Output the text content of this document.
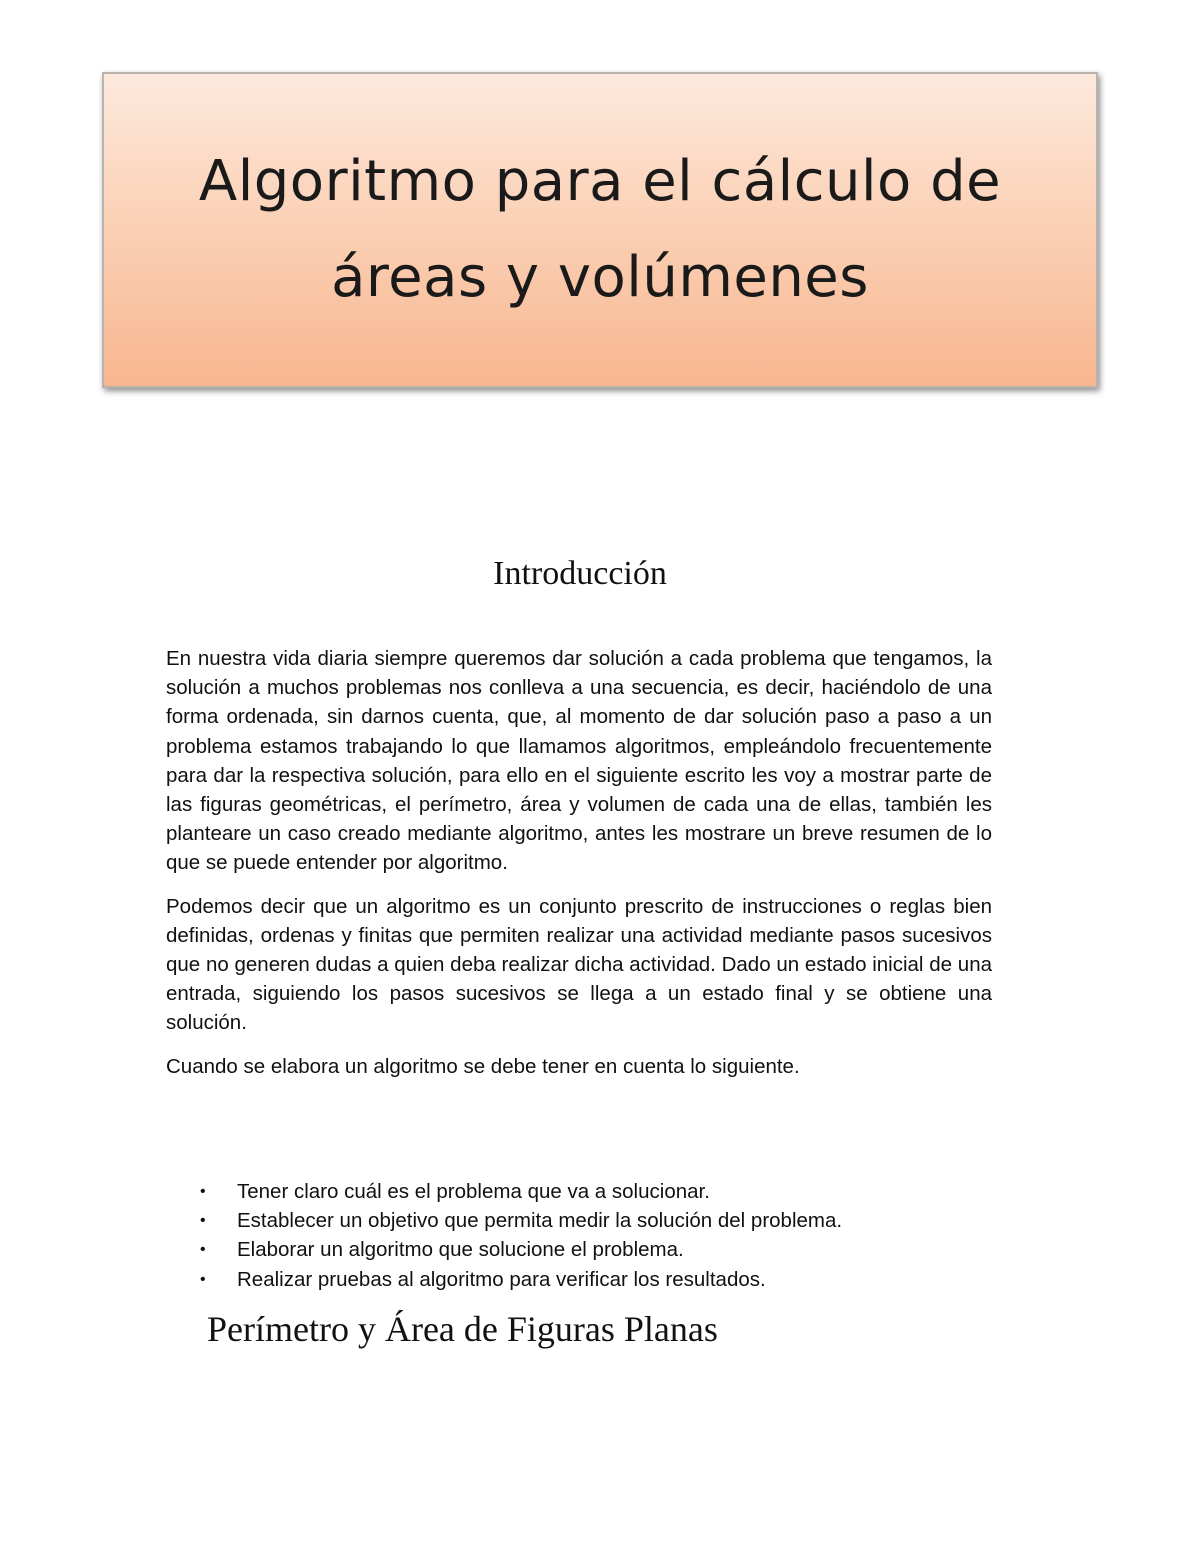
Algoritmo para el cálculo de
áreas y volúmenes
Introducción

En nuestra vida diaria siempre queremos dar solución a cada problema que tengamos, la solución a muchos problemas nos conlleva a una secuencia, es decir, haciéndolo de una forma ordenada, sin darnos cuenta, que, al momento de dar solución paso a paso a un problema estamos trabajando lo que llamamos algoritmos, empleándolo frecuentemente para dar la respectiva solución, para ello en el siguiente escrito les voy a mostrar parte de las figuras geométricas, el perímetro, área y volumen de cada una de ellas, también les planteare un caso creado mediante algoritmo, antes les mostrare un breve resumen de lo que se puede entender por algoritmo.

Podemos decir que un algoritmo es un conjunto prescrito de instrucciones o reglas bien definidas, ordenas y finitas que permiten realizar una actividad mediante pasos sucesivos que no generen dudas a quien deba realizar dicha actividad. Dado un estado inicial de una entrada, siguiendo los pasos sucesivos se llega a un estado final y se obtiene una solución.

Cuando se elabora un algoritmo se debe tener en cuenta lo siguiente.

•	Tener claro cuál es el problema que va a solucionar.
•	Establecer un objetivo que permita medir la solución del problema.
•	Elaborar un algoritmo que solucione el problema.
•	Realizar pruebas al algoritmo para verificar los resultados.
Perímetro y Área de Figuras Planas
